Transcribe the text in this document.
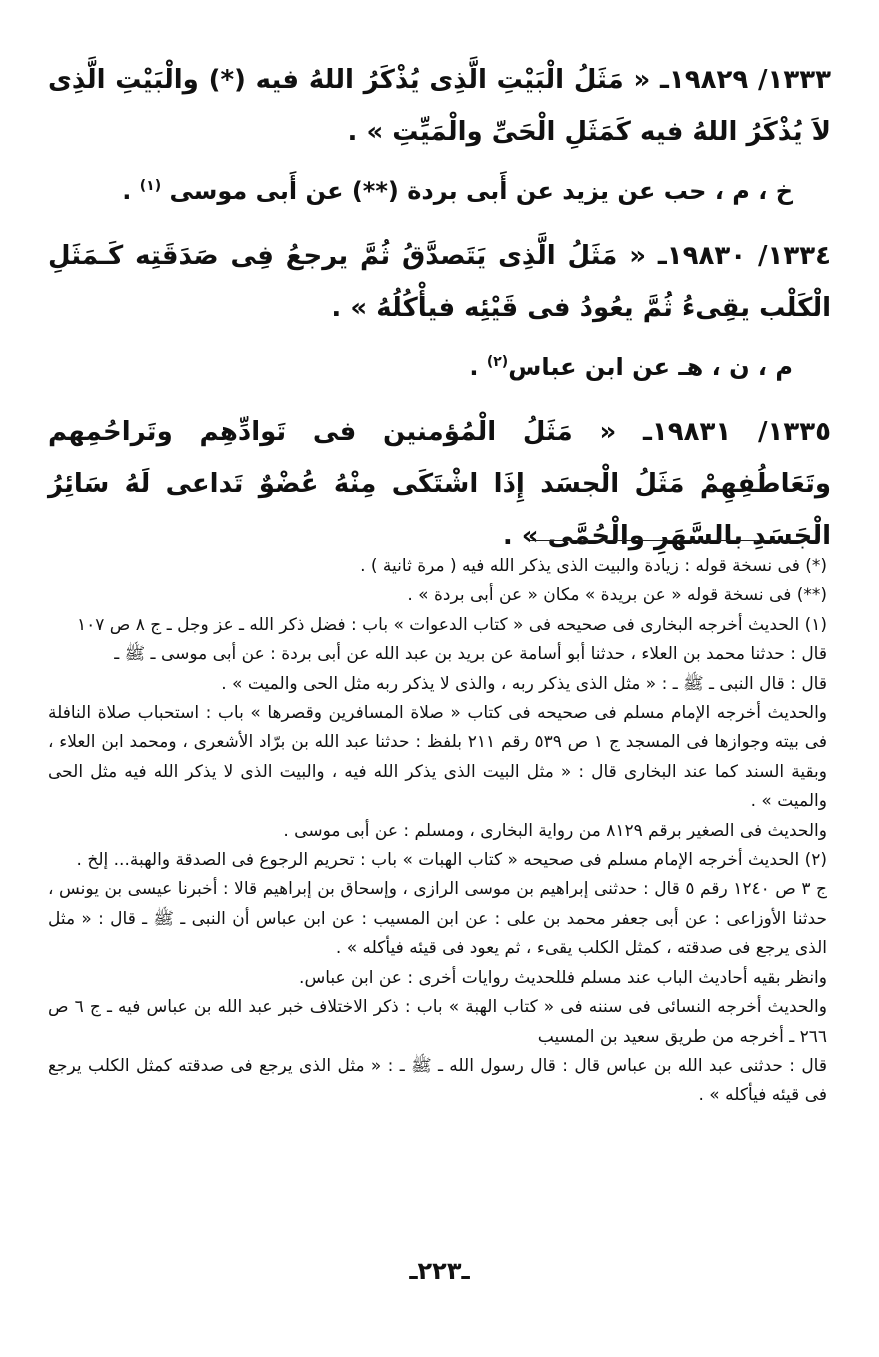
١٣٣٣/ ١٩٨٢٩ـ « مَثَلُ الْبَيْتِ الَّذِى يُذْكَرُ اللهُ فيه (*) والْبَيْتِ الَّذِى لاَ يُذْكَرُ اللهُ فيه كَمَثَلِ الْحَىِّ والْمَيِّتِ » .

خ ، م ، حب عن يزيد عن أَبى بردة (**) عن أَبى موسى $^{(١)}$ .

١٣٣٤/ ١٩٨٣٠ـ « مَثَلُ الَّذِى يَتَصدَّقُ ثُمَّ يرجعُ فِى صَدَقَتِه كَـمَثَلِ الْكَلْب يقِىءُ ثُمَّ يعُودُ فى قَيْئِه فيأْكُلُهُ » .

م ، ن ، هـ عن ابن عباس$^{(٢)}$ .

١٣٣٥/ ١٩٨٣١ـ « مَثَلُ الْمُؤمنين فى تَوادِّهِم وتَراحُمِهم وتَعَاطُفِهِمْ مَثَلُ الْجسَد إِذَا اشْتَكَى مِنْهُ عُضْوٌ تَداعى لَهُ سَائِرُ الْجَسَدِ بالسَّهَرِ والْحُمَّى » .

(*) فى نسخة قوله : زيادة والبيت الذى يذكر الله فيه ( مرة ثانية ) .

(**) فى نسخة قوله « عن بريدة » مكان « عن أبى بردة » .

(١) الحديث أخرجه البخارى فى صحيحه فى « كتاب الدعوات » باب : فضل ذكر الله ـ عز وجل ـ ج ٨ ص ١٠٧

قال : حدثنا محمد بن العلاء ، حدثنا أبو أسامة عن بريد بن عبد الله عن أبى بردة : عن أبى موسى ـ ﷺ ـ

قال : قال النبى ـ ﷺ ـ : « مثل الذى يذكر ربه ، والذى لا يذكر ربه مثل الحى والميت » .

والحديث أخرجه الإمام مسلم فى صحيحه فى كتاب « صلاة المسافرين وقصرها » باب : استحباب صلاة النافلة فى بيته وجوازها فى المسجد ج ١ ص ٥٣٩ رقم ٢١١ بلفظ : حدثنا عبد الله بن برّاد الأشعرى ، ومحمد ابن العلاء ، وبقية السند كما عند البخارى قال : « مثل البيت الذى يذكر الله فيه ، والبيت الذى لا يذكر الله فيه مثل الحى والميت » .

والحديث فى الصغير برقم ٨١٢٩ من رواية البخارى ، ومسلم : عن أبى موسى .

(٢) الحديث أخرجه الإمام مسلم فى صحيحه « كتاب الهبات » باب : تحريم الرجوع فى الصدقة والهبة... إلخ .

ج ٣ ص ١٢٤٠ رقم ٥ قال : حدثنى إبراهيم بن موسى الرازى ، وإسحاق بن إبراهيم قالا : أخبرنا عيسى بن يونس ، حدثنا الأوزاعى : عن أبى جعفر محمد بن على : عن ابن المسيب : عن ابن عباس أن النبى ـ ﷺ ـ قال : « مثل الذى يرجع فى صدقته ، كمثل الكلب يقىء ، ثم يعود فى قيئه فيأكله » .

وانظر بقيه أحاديث الباب عند مسلم فللحديث روايات أخرى : عن ابن عباس.

والحديث أخرجه النسائى فى سننه فى « كتاب الهبة » باب : ذكر الاختلاف خبر عبد الله بن عباس فيه ـ ج ٦ ص ٢٦٦ ـ أخرجه من طريق سعيد بن المسيب

قال : حدثنى عبد الله بن عباس قال : قال رسول الله ـ ﷺ ـ : « مثل الذى يرجع فى صدقته كمثل الكلب يرجع فى قيئه فيأكله » .

ـ٢٢٣ـ
